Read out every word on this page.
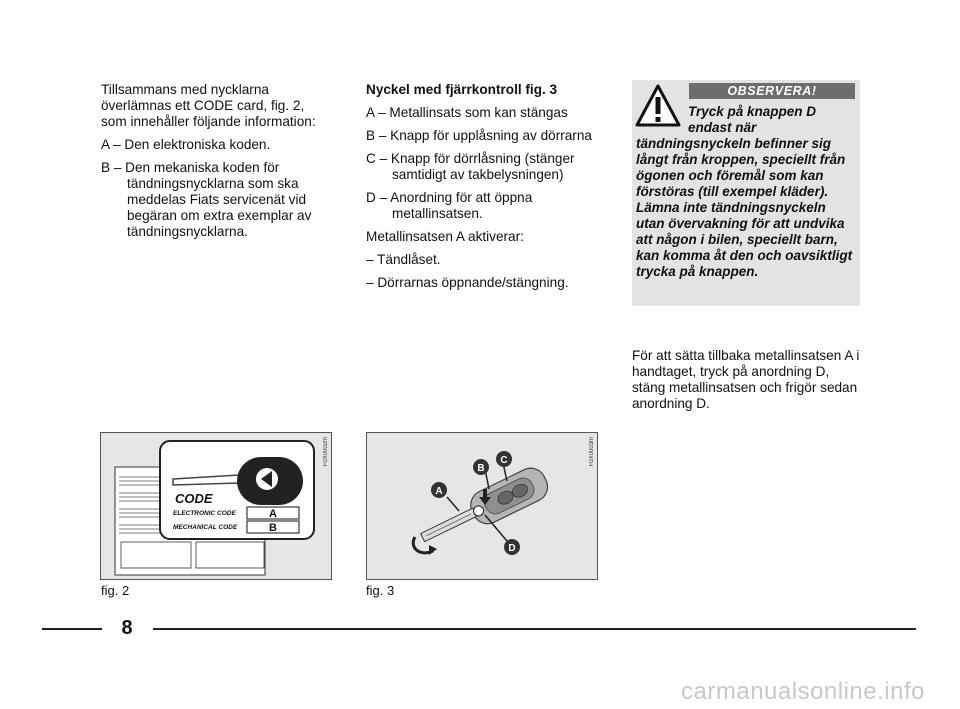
Tillsammans med nycklarna överlämnas ett CODE card, fig. 2, som innehåller följande information:

A – Den elektroniska koden.

B – Den mekaniska koden för tändningsnycklarna som ska meddelas Fiats servicenät vid begäran om extra exemplar av tändningsnycklarna.

Nyckel med fjärrkontroll fig. 3

A – Metallinsats som kan stängas

B – Knapp för upplåsning av dörrarna

C – Knapp för dörrlåsning (stänger samtidigt av takbelysningen)

D – Anordning för att öppna metallinsatsen.

Metallinsatsen A aktiverar:

– Tändlåset.

– Dörrarnas öppnande/stängning.

OBSERVERA!
Tryck på knappen D
endast när
tändningsnyckeln befinner sig långt från kroppen, speciellt från ögonen och föremål som kan förstöras (till exempel kläder). Lämna inte tändningsnyckeln utan övervakning för att undvika att någon i bilen, speciellt barn, kan komma åt den och oavsiktligt trycka på knappen.

För att sätta tillbaka metallinsatsen A i handtaget, tryck på anordning D, stäng metallinsatsen och frigör sedan anordning D.

CODE
ELECTRONIC CODE
MECHANICAL CODE
A
B
F0X0002m
fig. 2
A
B
C
D
F0X0003m
fig. 3
8
carmanualsonline.info
